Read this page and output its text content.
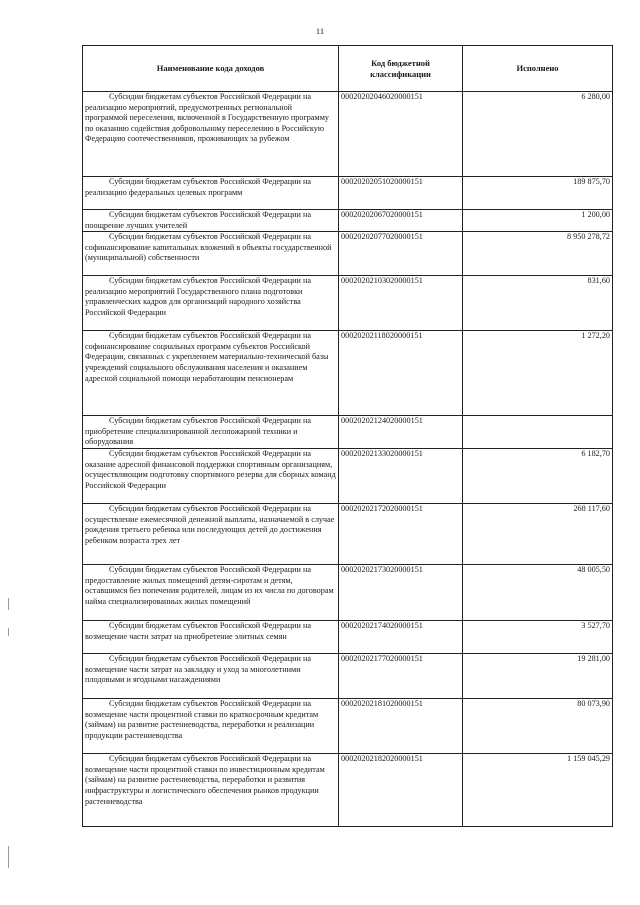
11
Наименование кода доходов	Код бюджетной классификации	Исполнено
Субсидии бюджетам субъектов Российской Федерации на реализацию мероприятий, предусмотренных региональной программой переселения, включенной в Государственную программу по оказанию содействия добровольному переселению в Российскую Федерацию соотечественников, проживающих за рубежом	00020202046020000151	6 280,00
Субсидии бюджетам субъектов Российской Федерации на реализацию федеральных целевых программ	00020202051020000151	189 875,70
Субсидии бюджетам субъектов Российской Федерации на поощрение лучших учителей	00020202067020000151	1 200,00
Субсидии бюджетам субъектов Российской Федерации на софинансирование капитальных вложений в объекты государственной (муниципальной) собственности	00020202077020000151	8 950 278,72
Субсидии бюджетам субъектов Российской Федерации на реализацию мероприятий Государственного плана подготовки управленческих кадров для организаций народного хозяйства Российской Федерации	00020202103020000151	831,60
Субсидии бюджетам субъектов Российской Федерации на софинансирование социальных программ субъектов Российской Федерации, связанных с укреплением материально-технической базы учреждений социального обслуживания населения и оказанием адресной социальной помощи неработающим пенсионерам	00020202118020000151	1 272,20
Субсидии бюджетам субъектов Российской Федерации на приобретение специализированной лесопожарной техники и оборудования	00020202124020000151	
Субсидии бюджетам субъектов Российской Федерации на оказание адресной финансовой поддержки спортивным организациям, осуществляющим подготовку спортивного резерва для сборных команд Российской Федерации	00020202133020000151	6 182,70
Субсидии бюджетам субъектов Российской Федерации на осуществление ежемесячной денежной выплаты, назначаемой в случае рождения третьего ребенка или последующих детей до достижения ребенком возраста трех лет	00020202172020000151	268 117,60
Субсидии бюджетам субъектов Российской Федерации на предоставление жилых помещений детям-сиротам и детям, оставшимся без попечения родителей, лицам из их числа по договорам найма специализированных жилых помещений	00020202173020000151	48 005,50
Субсидии бюджетам субъектов Российской Федерации на возмещение части затрат на приобретение элитных семян	00020202174020000151	3 527,70
Субсидии бюджетам субъектов Российской Федерации на возмещение части затрат на закладку и уход за многолетними плодовыми и ягодными насаждениями	00020202177020000151	19 281,00
Субсидии бюджетам субъектов Российской Федерации на возмещение части процентной ставки по краткосрочным кредитам (займам) на развитие растениеводства, переработки и реализации продукции растениеводства	00020202181020000151	80 073,90
Субсидии бюджетам субъектов Российской Федерации на возмещение части процентной ставки по инвестиционным кредитам (займам) на развитие растениеводства, переработки и развития инфраструктуры и логистического обеспечения рынков продукции растениеводства	00020202182020000151	1 159 045,29
